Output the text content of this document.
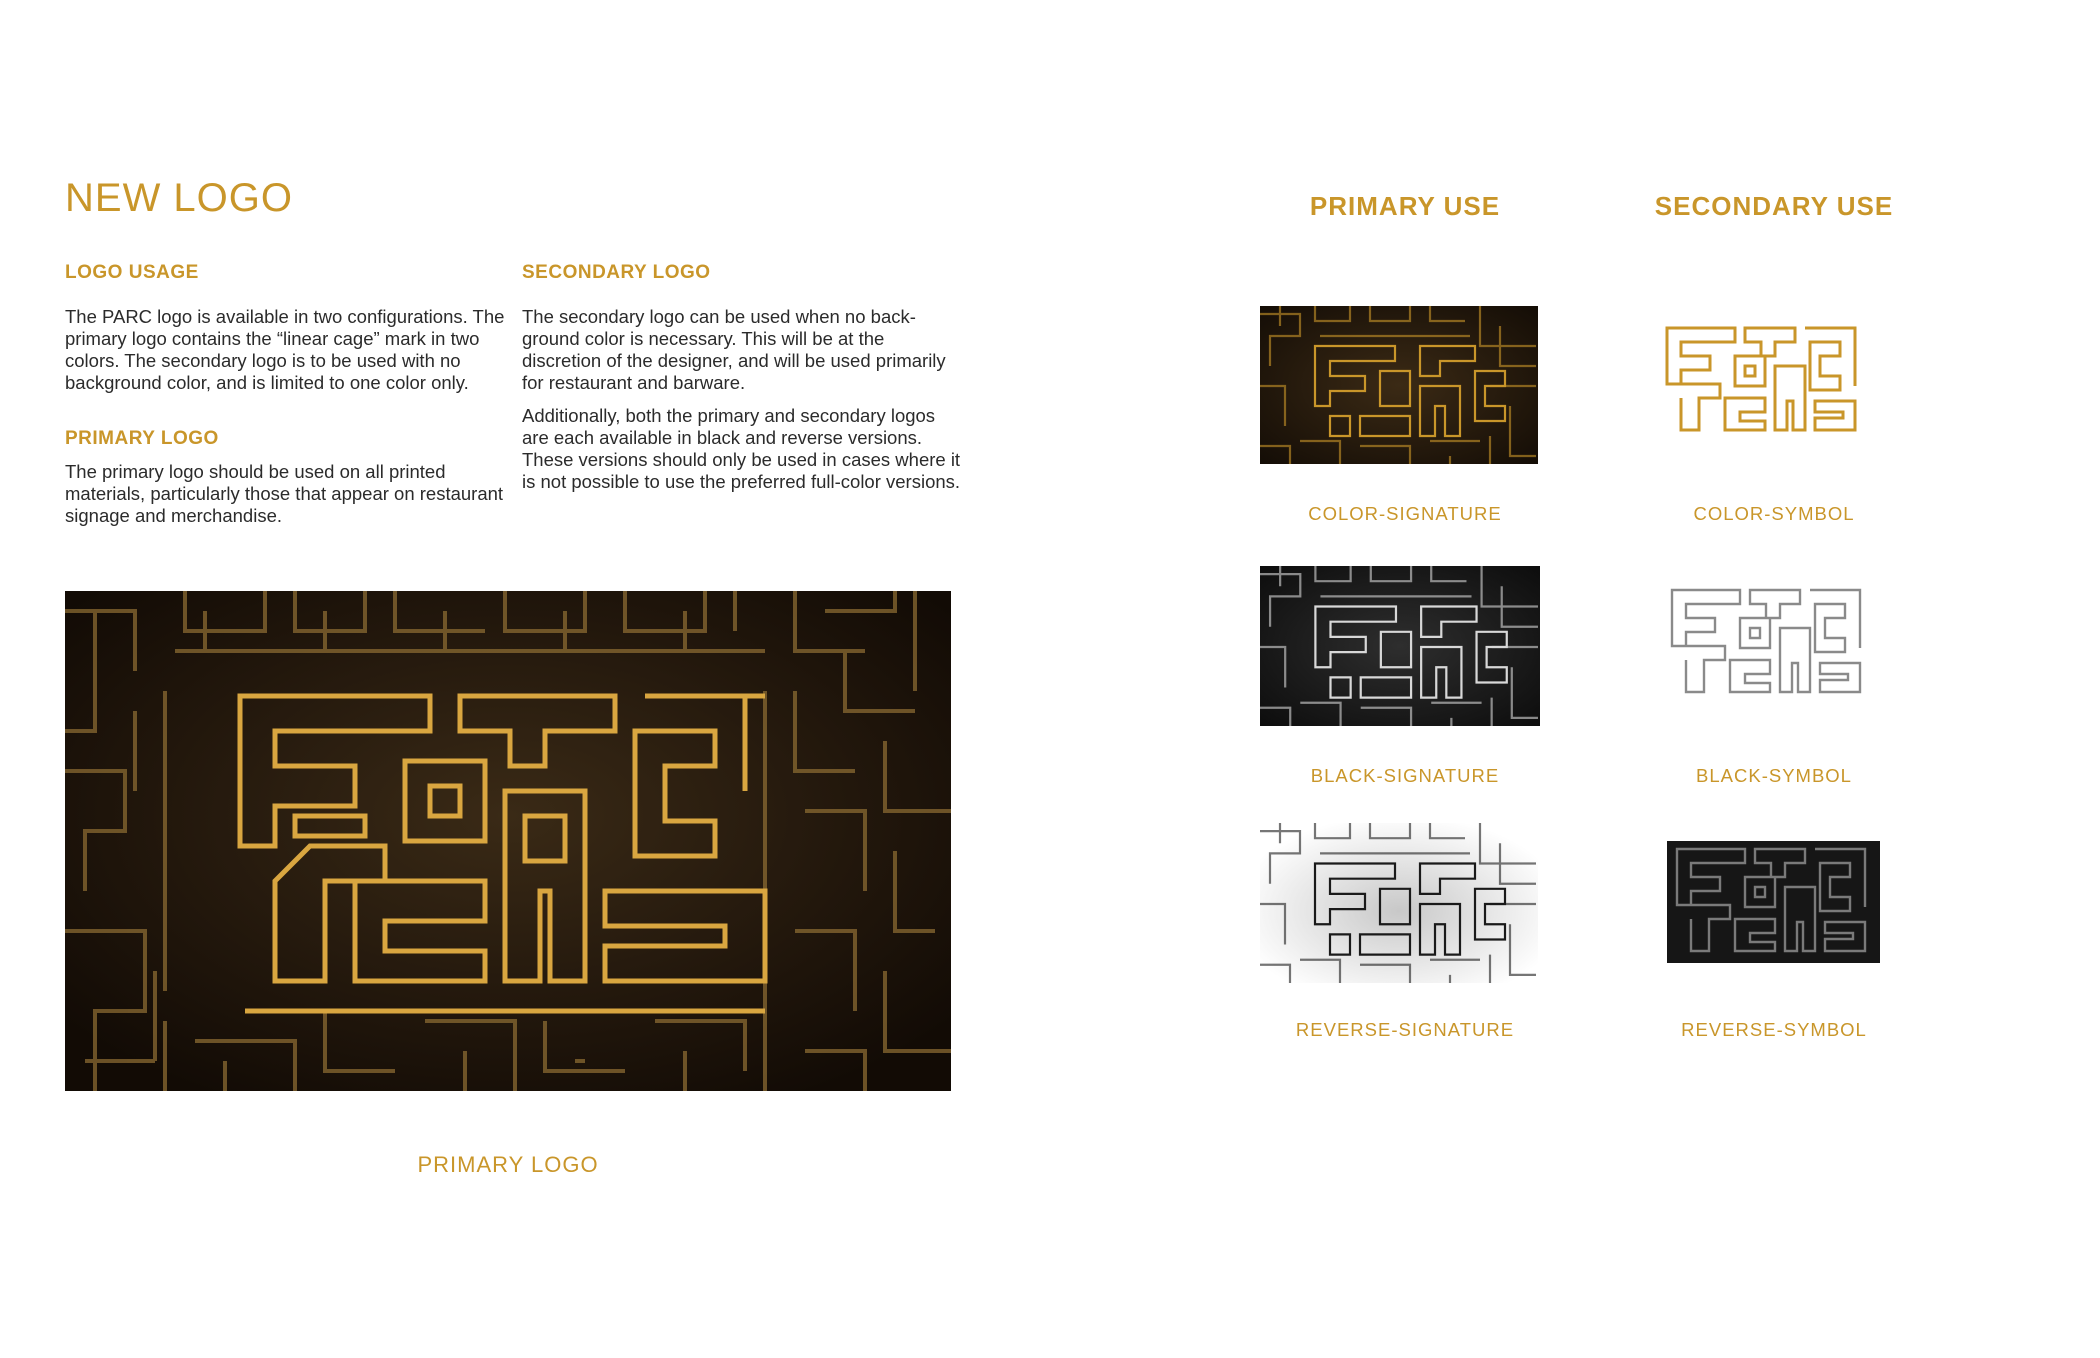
NEW LOGO
LOGO USAGE

The PARC logo is available in two configurations. The primary logo contains the “linear cage” mark in two colors. The secondary logo is to be used with no background color, and is limited to one color only.

PRIMARY LOGO

The primary logo should be used on all printed materials, particularly those that appear on restaurant signage and merchandise.

SECONDARY LOGO

The secondary logo can be used when no back-ground color is necessary. This will be at the discretion of the designer, and will be used primarily for restaurant and barware.

Additionally, both the primary and secondary logos are each available in black and reverse versions. These versions should only be used in cases where it is not possible to use the preferred full-color versions.

PRIMARY LOGO
PRIMARY USE	SECONDARY USE
COLOR-SIGNATURE	COLOR-SYMBOL
BLACK-SIGNATURE	BLACK-SYMBOL
REVERSE-SIGNATURE	REVERSE-SYMBOL
